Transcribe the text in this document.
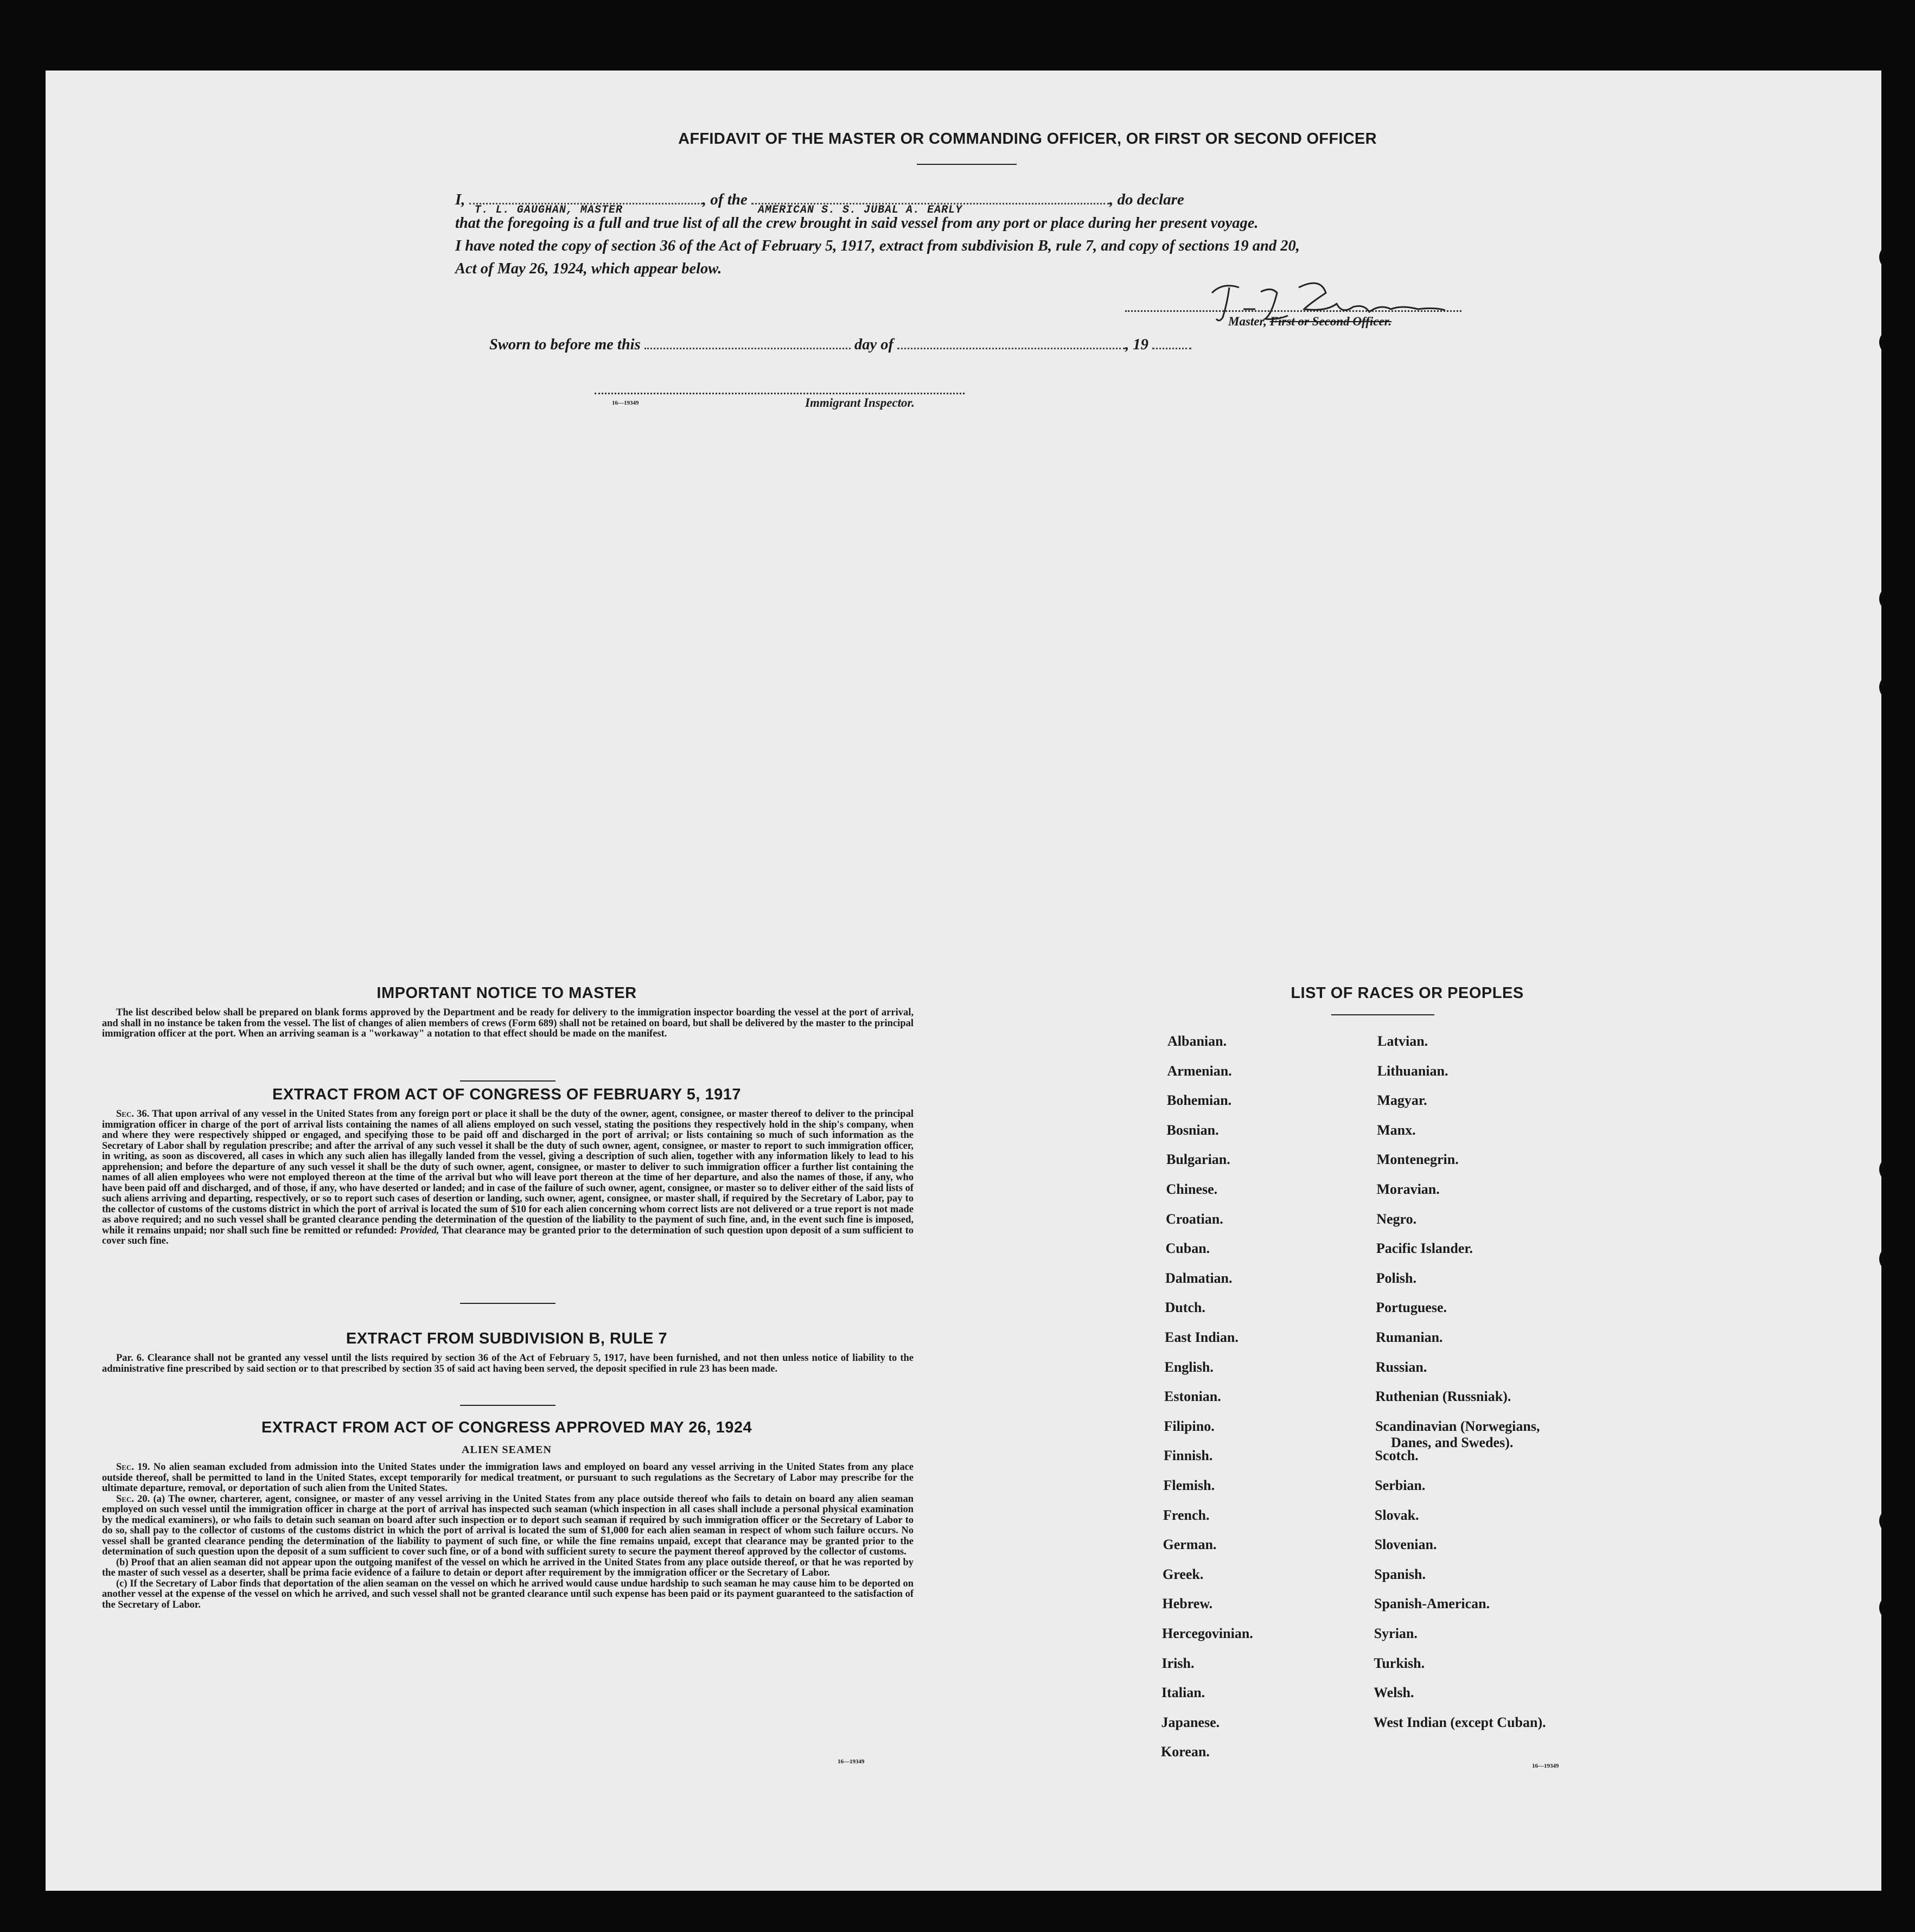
AFFIDAVIT OF THE MASTER OR COMMANDING OFFICER, OR FIRST OR SECOND OFFICER
I,
T. L. GAUGHAN, MASTER
, of the
AMERICAN S. S. JUBAL A. EARLY
, do declare
that the foregoing is a full and true list of all the crew brought in said vessel from any port or place during her present voyage.
I have noted the copy of section 36 of the Act of February 5, 1917, extract from subdivision B, rule 7, and copy of sections 19 and 20,
Act of May 26, 1924, which appear below.
Master, First or Second Officer.
Sworn to before me this	day of	, 19
16—19349	Immigrant Inspector.
IMPORTANT NOTICE TO MASTER

The list described below shall be prepared on blank forms approved by the Department and be ready for delivery to the immigration inspector boarding the vessel at the port of arrival, and shall in no instance be taken from the vessel. The list of changes of alien members of crews (Form 689) shall not be retained on board, but shall be delivered by the master to the principal immigration officer at the port. When an arriving seaman is a "workaway" a notation to that effect should be made on the manifest.

EXTRACT FROM ACT OF CONGRESS OF FEBRUARY 5, 1917

Sec. 36. That upon arrival of any vessel in the United States from any foreign port or place it shall be the duty of the owner, agent, consignee, or master thereof to deliver to the principal immigration officer in charge of the port of arrival lists containing the names of all aliens employed on such vessel, stating the positions they respectively hold in the ship's company, when and where they were respectively shipped or engaged, and specifying those to be paid off and discharged in the port of arrival; or lists containing so much of such information as the Secretary of Labor shall by regulation prescribe; and after the arrival of any such vessel it shall be the duty of such owner, agent, consignee, or master to report to such immigration officer, in writing, as soon as discovered, all cases in which any such alien has illegally landed from the vessel, giving a description of such alien, together with any information likely to lead to his apprehension; and before the departure of any such vessel it shall be the duty of such owner, agent, consignee, or master to deliver to such immigration officer a further list containing the names of all alien employees who were not employed thereon at the time of the arrival but who will leave port thereon at the time of her departure, and also the names of those, if any, who have been paid off and discharged, and of those, if any, who have deserted or landed; and in case of the failure of such owner, agent, consignee, or master so to deliver either of the said lists of such aliens arriving and departing, respectively, or so to report such cases of desertion or landing, such owner, agent, consignee, or master shall, if required by the Secretary of Labor, pay to the collector of customs of the customs district in which the port of arrival is located the sum of $10 for each alien concerning whom correct lists are not delivered or a true report is not made as above required; and no such vessel shall be granted clearance pending the determination of the question of the liability to the payment of such fine, and, in the event such fine is imposed, while it remains unpaid; nor shall such fine be remitted or refunded: Provided, That clearance may be granted prior to the determination of such question upon deposit of a sum sufficient to cover such fine.

EXTRACT FROM SUBDIVISION B, RULE 7

Par. 6. Clearance shall not be granted any vessel until the lists required by section 36 of the Act of February 5, 1917, have been furnished, and not then unless notice of liability to the administrative fine prescribed by said section or to that prescribed by section 35 of said act having been served, the deposit specified in rule 23 has been made.

EXTRACT FROM ACT OF CONGRESS APPROVED MAY 26, 1924
ALIEN SEAMEN

Sec. 19. No alien seaman excluded from admission into the United States under the immigration laws and employed on board any vessel arriving in the United States from any place outside thereof, shall be permitted to land in the United States, except temporarily for medical treatment, or pursuant to such regulations as the Secretary of Labor may prescribe for the ultimate departure, removal, or deportation of such alien from the United States.

Sec. 20. (a) The owner, charterer, agent, consignee, or master of any vessel arriving in the United States from any place outside thereof who fails to detain on board any alien seaman employed on such vessel until the immigration officer in charge at the port of arrival has inspected such seaman (which inspection in all cases shall include a personal physical examination by the medical examiners), or who fails to detain such seaman on board after such inspection or to deport such seaman if required by such immigration officer or the Secretary of Labor to do so, shall pay to the collector of customs of the customs district in which the port of arrival is located the sum of $1,000 for each alien seaman in respect of whom such failure occurs. No vessel shall be granted clearance pending the determination of the liability to payment of such fine, or while the fine remains unpaid, except that clearance may be granted prior to the determination of such question upon the deposit of a sum sufficient to cover such fine, or of a bond with sufficient surety to secure the payment thereof approved by the collector of customs.

(b) Proof that an alien seaman did not appear upon the outgoing manifest of the vessel on which he arrived in the United States from any place outside thereof, or that he was reported by the master of such vessel as a deserter, shall be prima facie evidence of a failure to detain or deport after requirement by the immigration officer or the Secretary of Labor.

(c) If the Secretary of Labor finds that deportation of the alien seaman on the vessel on which he arrived would cause undue hardship to such seaman he may cause him to be deported on another vessel at the expense of the vessel on which he arrived, and such vessel shall not be granted clearance until such expense has been paid or its payment guaranteed to the satisfaction of the Secretary of Labor.

16—19349
LIST OF RACES OR PEOPLES
Albanian.
Armenian.
Bohemian.
Bosnian.
Bulgarian.
Chinese.
Croatian.
Cuban.
Dalmatian.
Dutch.
East Indian.
English.
Estonian.
Filipino.
Finnish.
Flemish.
French.
German.
Greek.
Hebrew.
Hercegovinian.
Irish.
Italian.
Japanese.
Korean.
Latvian.
Lithuanian.
Magyar.
Manx.
Montenegrin.
Moravian.
Negro.
Pacific Islander.
Polish.
Portuguese.
Rumanian.
Russian.
Ruthenian (Russniak).
Scandinavian (Norwegians,
Danes, and Swedes).
Scotch.
Serbian.
Slovak.
Slovenian.
Spanish.
Spanish-American.
Syrian.
Turkish.
Welsh.
West Indian (except Cuban).
16—19349
